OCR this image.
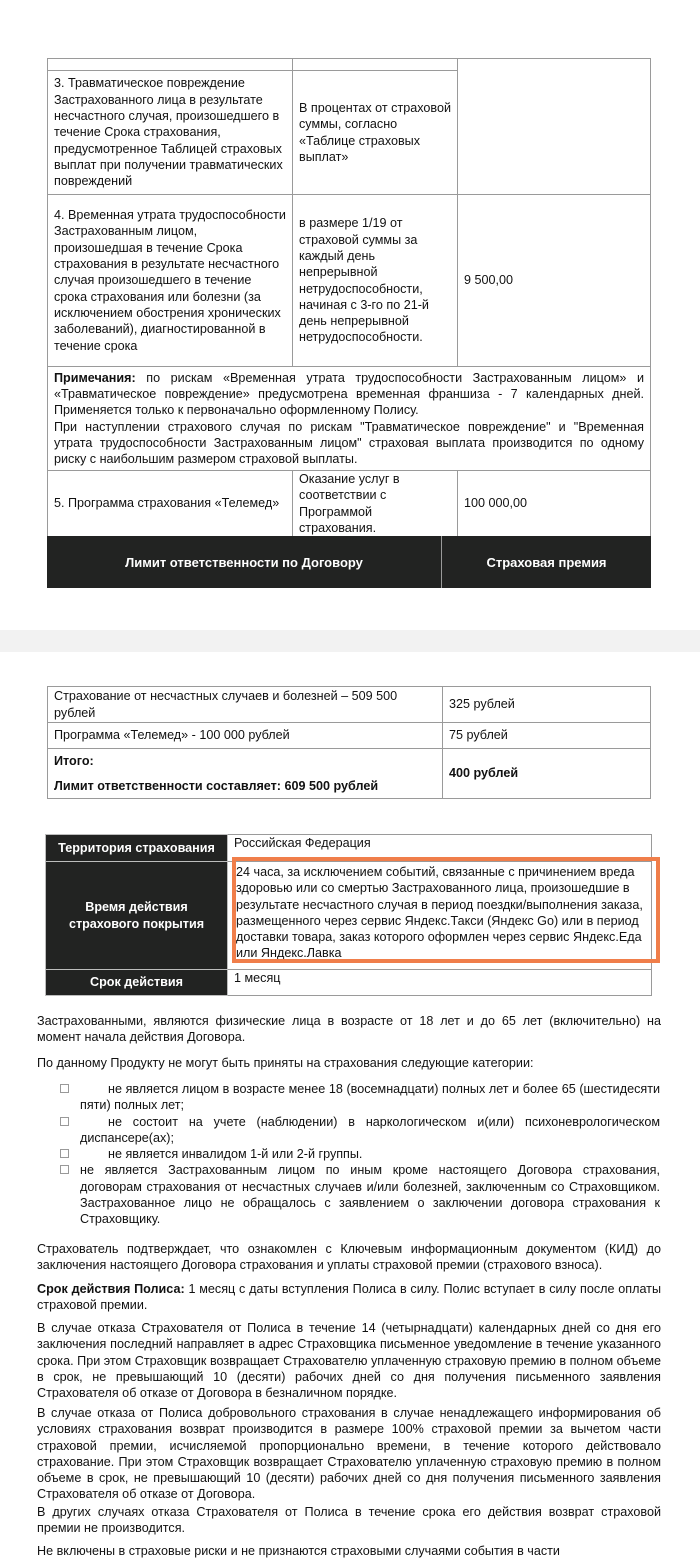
3. Травматическое повреждение Застрахованного лица в результате несчастного случая, произошедшего в течение Срока страхования, предусмотренное Таблицей страховых выплат при получении травматических повреждений	В процентах от страховой суммы, согласно «Таблице страховых выплат»	
4. Временная утрата трудоспособности Застрахованным лицом, произошедшая в течение Срока страхования в результате несчастного случая произошедшего в течение срока страхования или болезни (за исключением обострения хронических заболеваний), диагностированной в течение срока	в размере 1/19 от страховой суммы за каждый день непрерывной нетрудоспособности, начиная с 3-го по 21-й день непрерывной нетрудоспособности.	9 500,00
Примечания: по рискам «Временная утрата трудоспособности Застрахованным лицом» и «Травматическое повреждение» предусмотрена временная франшиза - 7 календарных дней. Применяется только к первоначально оформленному Полису.
При наступлении страхового случая по рискам "Травматическое повреждение" и "Временная утрата трудоспособности Застрахованным лицом" страховая выплата производится по одному риску с наибольшим размером страховой выплаты.		
5. Программа страхования «Телемед»	Оказание услуг в соответствии с Программой страхования.	100 000,00
Лимит ответственности по Договору	Страховая премия
Страхование от несчастных случаев и болезней – 509 500 рублей	325 рублей
Программа «Телемед» - 100 000 рублей	75 рублей

Итого:
Лимит ответственности составляет: 609 500 рублей	400 рублей
Территория страхования	Российская Федерация
Время действия страхового покрытия	24 часа, за исключением событий, связанные с причинением вреда здоровью или со смертью Застрахованного лица, произошедшие в результате несчастного случая в период поездки/выполнения заказа, размещенного через сервис Яндекс.Такси (Яндекс Go) или в период доставки товара, заказ которого оформлен через сервис Яндекс.Еда или Яндекс.Лавка
Срок действия	1 месяц

Застрахованными, являются физические лица в возрасте от 18 лет и до 65 лет (включительно) на момент начала действия Договора.

По данному Продукту не могут быть приняты на страхования следующие категории:

не является лицом в возрасте менее 18 (восемнадцати) полных лет и более 65 (шестидесяти пяти) полных лет;
не состоит на учете (наблюдении) в наркологическом и(или) психоневрологическом диспансере(ах);
не является инвалидом 1-й или 2-й группы.
не является Застрахованным лицом по иным кроме настоящего Договора страхования, договорам страхования от несчастных случаев и/или болезней, заключенным со Страховщиком. Застрахованное лицо не обращалось с заявлением о заключении договора страхования к Страховщику.

Страхователь подтверждает, что ознакомлен с Ключевым информационным документом (КИД) до заключения настоящего Договора страхования и уплаты страховой премии (страхового взноса).

Срок действия Полиса: 1 месяц с даты вступления Полиса в силу. Полис вступает в силу после оплаты страховой премии.

В случае отказа Страхователя от Полиса в течение 14 (четырнадцати) календарных дней со дня его заключения последний направляет в адрес Страховщика письменное уведомление в течение указанного срока. При этом Страховщик возвращает Страхователю уплаченную страховую премию в полном объеме в срок, не превышающий 10 (десяти) рабочих дней со дня получения письменного заявления Страхователя об отказе от Договора в безналичном порядке.

В случае отказа от Полиса добровольного страхования в случае ненадлежащего информирования об условиях страхования возврат производится в размере 100% страховой премии за вычетом части страховой премии, исчисляемой пропорционально времени, в течение которого действовало страхование. При этом Страховщик возвращает Страхователю уплаченную страховую премию в полном объеме в срок, не превышающий 10 (десяти) рабочих дней со дня получения письменного заявления Страхователя об отказе от Договора.

В других случаях отказа Страхователя от Полиса в течение срока его действия возврат страховой премии не производится.

Не включены в страховые риски и не признаются страховыми случаями события в части
